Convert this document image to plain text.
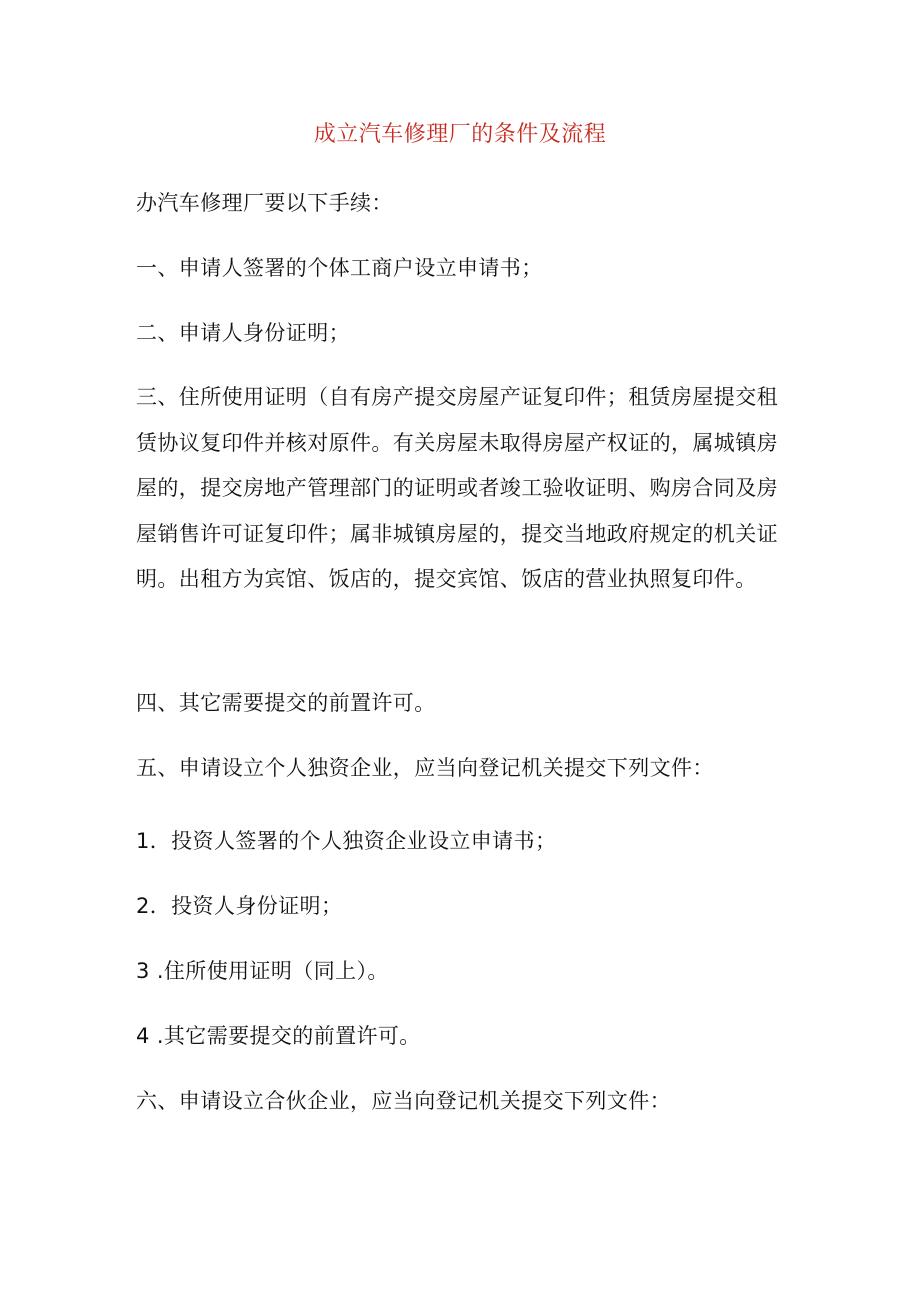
成立汽车修理厂的条件及流程

办汽车修理厂要以下手续：

一、申请人签署的个体工商户设立申请书；

二、申请人身份证明；

三、住所使用证明（自有房产提交房屋产证复印件；租赁房屋提交租赁协议复印件并核对原件。有关房屋未取得房屋产权证的，属城镇房屋的，提交房地产管理部门的证明或者竣工验收证明、购房合同及房屋销售许可证复印件；属非城镇房屋的，提交当地政府规定的机关证明。出租方为宾馆、饭店的，提交宾馆、饭店的营业执照复印件。

四、其它需要提交的前置许可。

五、申请设立个人独资企业，应当向登记机关提交下列文件：

1．投资人签署的个人独资企业设立申请书；

2．投资人身份证明；

3 .住所使用证明（同上）。

4 .其它需要提交的前置许可。

六、申请设立合伙企业，应当向登记机关提交下列文件：
